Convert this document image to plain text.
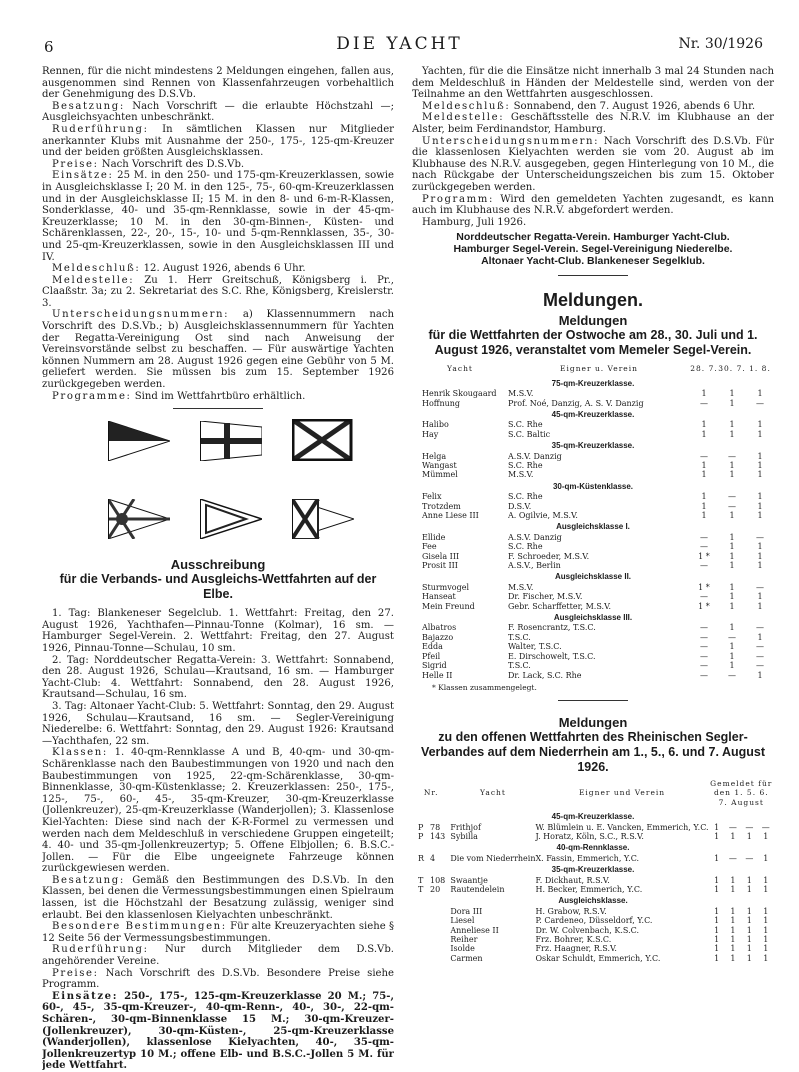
6	DIE YACHT	Nr. 30/1926

Rennen, für die nicht mindestens 2 Meldungen eingehen, fallen aus, ausgenommen sind Rennen von Klassenfahrzeugen vorbehaltlich der Genehmigung des D.S.Vb.

Besatzung: Nach Vorschrift — die erlaubte Höchstzahl —; Ausgleichsyachten unbeschränkt.

Ruderführung: In sämtlichen Klassen nur Mitglieder anerkannter Klubs mit Ausnahme der 250-, 175-, 125-qm-Kreuzer und der beiden größten Ausgleichsklassen.

Preise: Nach Vorschrift des D.S.Vb.

Einsätze: 25 M. in den 250- und 175-qm-Kreuzerklassen, sowie in Ausgleichsklasse I; 20 M. in den 125-, 75-, 60-qm-Kreuzerklassen und in der Ausgleichsklasse II; 15 M. in den 8- und 6-m-R-Klassen, Sonderklasse, 40- und 35-qm-Rennklasse, sowie in der 45-qm-Kreuzerklasse; 10 M. in den 30-qm-Binnen-, Küsten- und Schärenklassen, 22-, 20-, 15-, 10- und 5-qm-Rennklassen, 35-, 30- und 25-qm-Kreuzerklassen, sowie in den Ausgleichsklassen III und IV.

Meldeschluß: 12. August 1926, abends 6 Uhr.

Meldestelle: Zu 1. Herr Greitschuß, Königsberg i. Pr., Claaßstr. 3a; zu 2. Sekretariat des S.C. Rhe, Königsberg, Kreislerstr. 3.

Unterscheidungsnummern: a) Klassennummern nach Vorschrift des D.S.Vb.; b) Ausgleichsklassennummern für Yachten der Regatta-Vereinigung Ost sind nach Anweisung der Vereinsvorstände selbst zu beschaffen. — Für auswärtige Yachten können Nummern am 28. August 1926 gegen eine Gebühr von 5 M. geliefert werden. Sie müssen bis zum 15. September 1926 zurückgegeben werden.

Programme: Sind im Wettfahrtbüro erhältlich.

Ausschreibung
für die Verbands- und Ausgleichs-Wettfahrten auf der Elbe.

1. Tag: Blankeneser Segelclub. 1. Wettfahrt: Freitag, den 27. August 1926, Yachthafen—Pinnau-Tonne (Kolmar), 16 sm. — Hamburger Segel-Verein. 2. Wettfahrt: Freitag, den 27. August 1926, Pinnau-Tonne—Schulau, 10 sm.

2. Tag: Norddeutscher Regatta-Verein: 3. Wettfahrt: Sonnabend, den 28. August 1926, Schulau—Krautsand, 16 sm. — Hamburger Yacht-Club: 4. Wettfahrt: Sonnabend, den 28. August 1926, Krautsand—Schulau, 16 sm.

3. Tag: Altonaer Yacht-Club: 5. Wettfahrt: Sonntag, den 29. August 1926, Schulau—Krautsand, 16 sm. — Segler-Vereinigung Niederelbe: 6. Wettfahrt: Sonntag, den 29. August 1926: Krautsand—Yachthafen, 22 sm.

Klassen: 1. 40-qm-Rennklasse A und B, 40-qm- und 30-qm-Schärenklasse nach den Baubestimmungen von 1920 und nach den Baubestimmungen von 1925, 22-qm-Schärenklasse, 30-qm-Binnenklasse, 30-qm-Küstenklasse; 2. Kreuzerklassen: 250-, 175-, 125-, 75-, 60-, 45-, 35-qm-Kreuzer, 30-qm-Kreuzerklasse (Jollenkreuzer), 25-qm-Kreuzerklasse (Wanderjollen); 3. Klassenlose Kiel-Yachten: Diese sind nach der K-R-Formel zu vermessen und werden nach dem Meldeschluß in verschiedene Gruppen eingeteilt; 4. 40- und 35-qm-Jollenkreuzertyp; 5. Offene Elbjollen; 6. B.S.C.-Jollen. — Für die Elbe ungeeignete Fahrzeuge können zurückgewiesen werden.

Besatzung: Gemäß den Bestimmungen des D.S.Vb. In den Klassen, bei denen die Vermessungsbestimmungen einen Spielraum lassen, ist die Höchstzahl der Besatzung zulässig, weniger sind erlaubt. Bei den klassenlosen Kielyachten unbeschränkt.

Besondere Bestimmungen: Für alte Kreuzeryachten siehe § 12 Seite 56 der Vermessungsbestimmungen.

Ruderführung: Nur durch Mitglieder dem D.S.Vb. angehörender Vereine.

Preise: Nach Vorschrift des D.S.Vb. Besondere Preise siehe Programm.

Einsätze: 250-, 175-, 125-qm-Kreuzerklasse 20 M.; 75-, 60-, 45-, 35-qm-Kreuzer-, 40-qm-Renn-, 40-, 30-, 22-qm-Schären-, 30-qm-Binnenklasse 15 M.; 30-qm-Kreuzer- (Jollenkreuzer), 30-qm-Küsten-, 25-qm-Kreuzerklasse (Wanderjollen), klassenlose Kielyachten, 40-, 35-qm-Jollenkreuzertyp 10 M.; offene Elb- und B.S.C.-Jollen 5 M. für jede Wettfahrt.

Yachten, für die die Einsätze nicht innerhalb 3 mal 24 Stunden nach dem Meldeschluß in Händen der Meldestelle sind, werden von der Teilnahme an den Wettfahrten ausgeschlossen.

Meldeschluß: Sonnabend, den 7. August 1926, abends 6 Uhr.

Meldestelle: Geschäftsstelle des N.R.V. im Klubhause an der Alster, beim Ferdinandstor, Hamburg.

Unterscheidungsnummern: Nach Vorschrift des D.S.Vb. Für die klassenlosen Kielyachten werden sie vom 20. August ab im Klubhause des N.R.V. ausgegeben, gegen Hinterlegung von 10 M., die nach Rückgabe der Unterscheidungszeichen bis zum 15. Oktober zurückgegeben werden.

Programm: Wird den gemeldeten Yachten zugesandt, es kann auch im Klubhause des N.R.V. abgefordert werden.

Hamburg, Juli 1926.

Norddeutscher Regatta-Verein. Hamburger Yacht-Club.
Hamburger Segel-Verein. Segel-Vereinigung Niederelbe.
Altonaer Yacht-Club. Blankeneser Segelklub.
Meldungen.
Meldungen
für die Wettfahrten der Ostwoche am 28., 30. Juli und 1. August 1926, veranstaltet vom Memeler Segel-Verein.
Yacht	Eigner u. Verein	28. 7.	30. 7.	1. 8.
75-qm-Kreuzerklasse.				
Henrik Skougaard	M.S.V.	1	1	1
Hoffnung	Prof. Noé, Danzig, A. S. V. Danzig	—	1	—
45-qm-Kreuzerklasse.				
Halibo	S.C. Rhe	1	1	1
Hay	S.C. Baltic	1	1	1
35-qm-Kreuzerklasse.				
Helga	A.S.V. Danzig	—	—	1
Wangast	S.C. Rhe	1	1	1
Mümmel	M.S.V.	1	1	1
30-qm-Küstenklasse.				
Felix	S.C. Rhe	1	—	1
Trotzdem	D.S.V.	1	—	1
Anne Liese III	A. Ogilvie, M.S.V.	1	1	1
Ausgleichsklasse I.				
Ellide	A.S.V. Danzig	—	1	—
Fee	S.C. Rhe	—	1	1
Gisela III	F. Schroeder, M.S.V.	1 *	1	1
Prosit III	A.S.V., Berlin	—	1	1
Ausgleichsklasse II.				
Sturmvogel	M.S.V.	1 *	1	—
Hanseat	Dr. Fischer, M.S.V.	—	1	1
Mein Freund	Gebr. Scharffetter, M.S.V.	1 *	1	1
Ausgleichsklasse III.				
Albatros	F. Rosencrantz, T.S.C.	—	1	—
Bajazzo	T.S.C.	—	—	1
Edda	Walter, T.S.C.	—	1	—
Pfeil	E. Dirschowelt, T.S.C.	—	1	—
Sigrid	T.S.C.	—	1	—
Helle II	Dr. Lack, S.C. Rhe	—	—	1
* Klassen zusammengelegt.
Meldungen
zu den offenen Wettfahrten des Rheinischen Segler-Verbandes auf dem Niederrhein am 1., 5., 6. und 7. August 1926.
Nr.	Yacht	Eigner und Verein	Gemeldet für den 1. 5. 6. 7. August			
45-qm-Kreuzerklasse.						
P 78	Frithjof	W. Blümlein u. E. Vancken, Emmerich, Y.C.	1	—	—	—
P 143	Sybilla	J. Horatz, Köln, S.C., R.S.V.	1	1	1	1
40-qm-Rennklasse.						
R 4	Die vom Niederrhein	X. Fassin, Emmerich, Y.C.	1	—	—	1
35-qm-Kreuzerklasse.						
T 108	Swaantje	F. Dickhaut, R.S.V.	1	1	1	1
T 20	Rautendelein	H. Becker, Emmerich, Y.C.	1	1	1	1
Ausgleichsklasse.						
	Dora III	H. Grabow, R.S.V.	1	1	1	1
	Liesel	P. Cardeneo, Düsseldorf, Y.C.	1	1	1	1
	Anneliese II	Dr. W. Colvenbach, K.S.C.	1	1	1	1
	Reiher	Frz. Bohrer, K.S.C.	1	1	1	1
	Isolde	Frz. Haagner, R.S.V.	1	1	1	1
	Carmen	Oskar Schuldt, Emmerich, Y.C.	1	1	1	1
